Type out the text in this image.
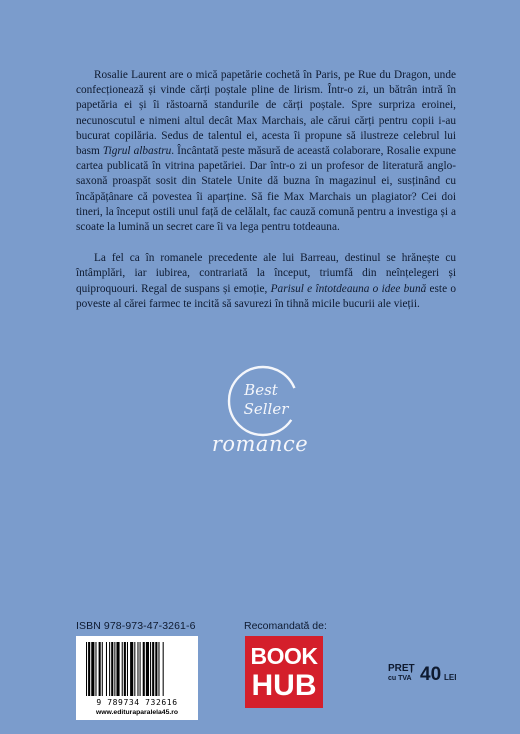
Rosalie Laurent are o mică papetărie cochetă în Paris, pe Rue du Dragon, unde confecționează și vinde cărți poștale pline de lirism. Într-o zi, un bătrân intră în papetăria ei și îi răstoarnă standurile de cărți poștale. Spre surpriza eroinei, necunoscutul e nimeni altul decât Max Marchais, ale cărui cărți pentru copii i-au bucurat copilăria. Sedus de talentul ei, acesta îi propune să ilustreze celebrul lui basm Tigrul albastru. Încântată peste măsură de această colaborare, Rosalie expune cartea publicată în vitrina papetăriei. Dar într-o zi un profesor de literatură anglo-saxonă proaspăt sosit din Statele Unite dă buzna în magazinul ei, susținând cu încăpățânare că povestea îi aparține. Să fie Max Marchais un plagiator? Cei doi tineri, la început ostili unul față de celălalt, fac cauză comună pentru a investiga și a scoate la lumină un secret care îi va lega pentru totdeauna.

La fel ca în romanele precedente ale lui Barreau, destinul se hrănește cu întâmplări, iar iubirea, contrariată la început, triumfă din neînțelegeri și quiproquouri. Regal de suspans și emoție, Parisul e întotdeauna o idee bună este o poveste al cărei farmec te incită să savurezi în tihnă micile bucurii ale vieții.

Best
Seller
romance
ISBN 978-973-47-3261-6
9 789734 732616
www.edituraparalela45.ro
Recomandată de:
BOOK
HUB
PREȚ
cu TVA 40 LEI
